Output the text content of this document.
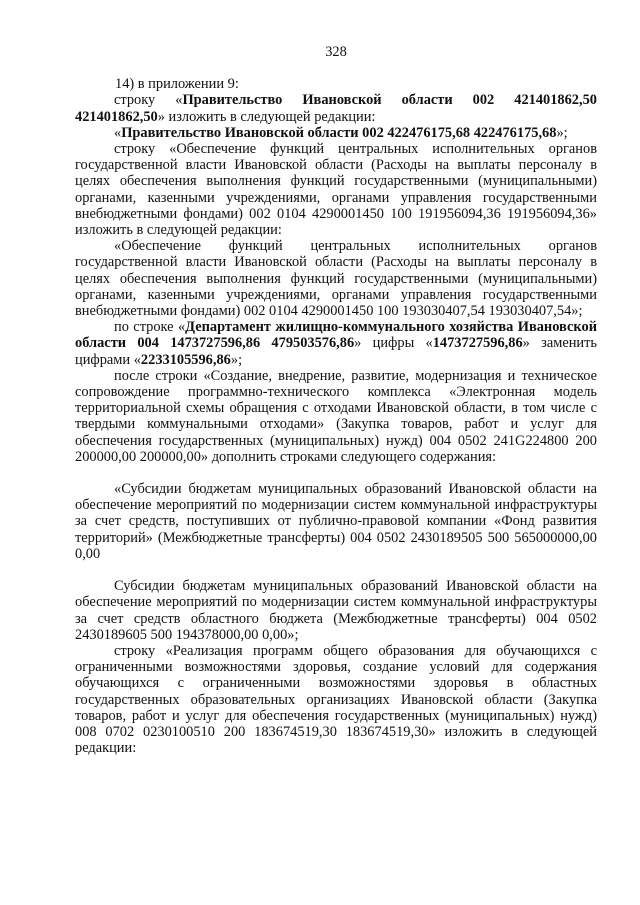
328

14) в приложении 9:

строку «Правительство Ивановской области 002 421401862,50 421401862,50» изложить в следующей редакции:

«Правительство Ивановской области 002 422476175,68 422476175,68»;

строку «Обеспечение функций центральных исполнительных органов государственной власти Ивановской области (Расходы на выплаты персоналу в целях обеспечения выполнения функций государственными (муниципальными) органами, казенными учреждениями, органами управления государственными внебюджетными фондами) 002 0104 4290001450 100 191956094,36 191956094,36» изложить в следующей редакции:

«Обеспечение функций центральных исполнительных органов государственной власти Ивановской области (Расходы на выплаты персоналу в целях обеспечения выполнения функций государственными (муниципальными) органами, казенными учреждениями, органами управления государственными внебюджетными фондами) 002 0104 4290001450 100 193030407,54 193030407,54»;

по строке «Департамент жилищно-коммунального хозяйства Ивановской области 004 1473727596,86 479503576,86» цифры «1473727596,86» заменить цифрами «2233105596,86»;

после строки «Создание, внедрение, развитие, модернизация и техническое сопровождение программно-технического комплекса «Электронная модель территориальной схемы обращения с отходами Ивановской области, в том числе с твердыми коммунальными отходами» (Закупка товаров, работ и услуг для обеспечения государственных (муниципальных) нужд) 004 0502 241G224800 200 200000,00 200000,00» дополнить строками следующего содержания:

«Субсидии бюджетам муниципальных образований Ивановской области на обеспечение мероприятий по модернизации систем коммунальной инфраструктуры за счет средств, поступивших от публично-правовой компании «Фонд развития территорий» (Межбюджетные трансферты) 004 0502 2430189505 500 565000000,00 0,00

Субсидии бюджетам муниципальных образований Ивановской области на обеспечение мероприятий по модернизации систем коммунальной инфраструктуры за счет средств областного бюджета (Межбюджетные трансферты) 004 0502 2430189605 500 194378000,00 0,00»;

строку «Реализация программ общего образования для обучающихся с ограниченными возможностями здоровья, создание условий для содержания обучающихся с ограниченными возможностями здоровья в областных государственных образовательных организациях Ивановской области (Закупка товаров, работ и услуг для обеспечения государственных (муниципальных) нужд) 008 0702 0230100510 200 183674519,30 183674519,30» изложить в следующей редакции:
